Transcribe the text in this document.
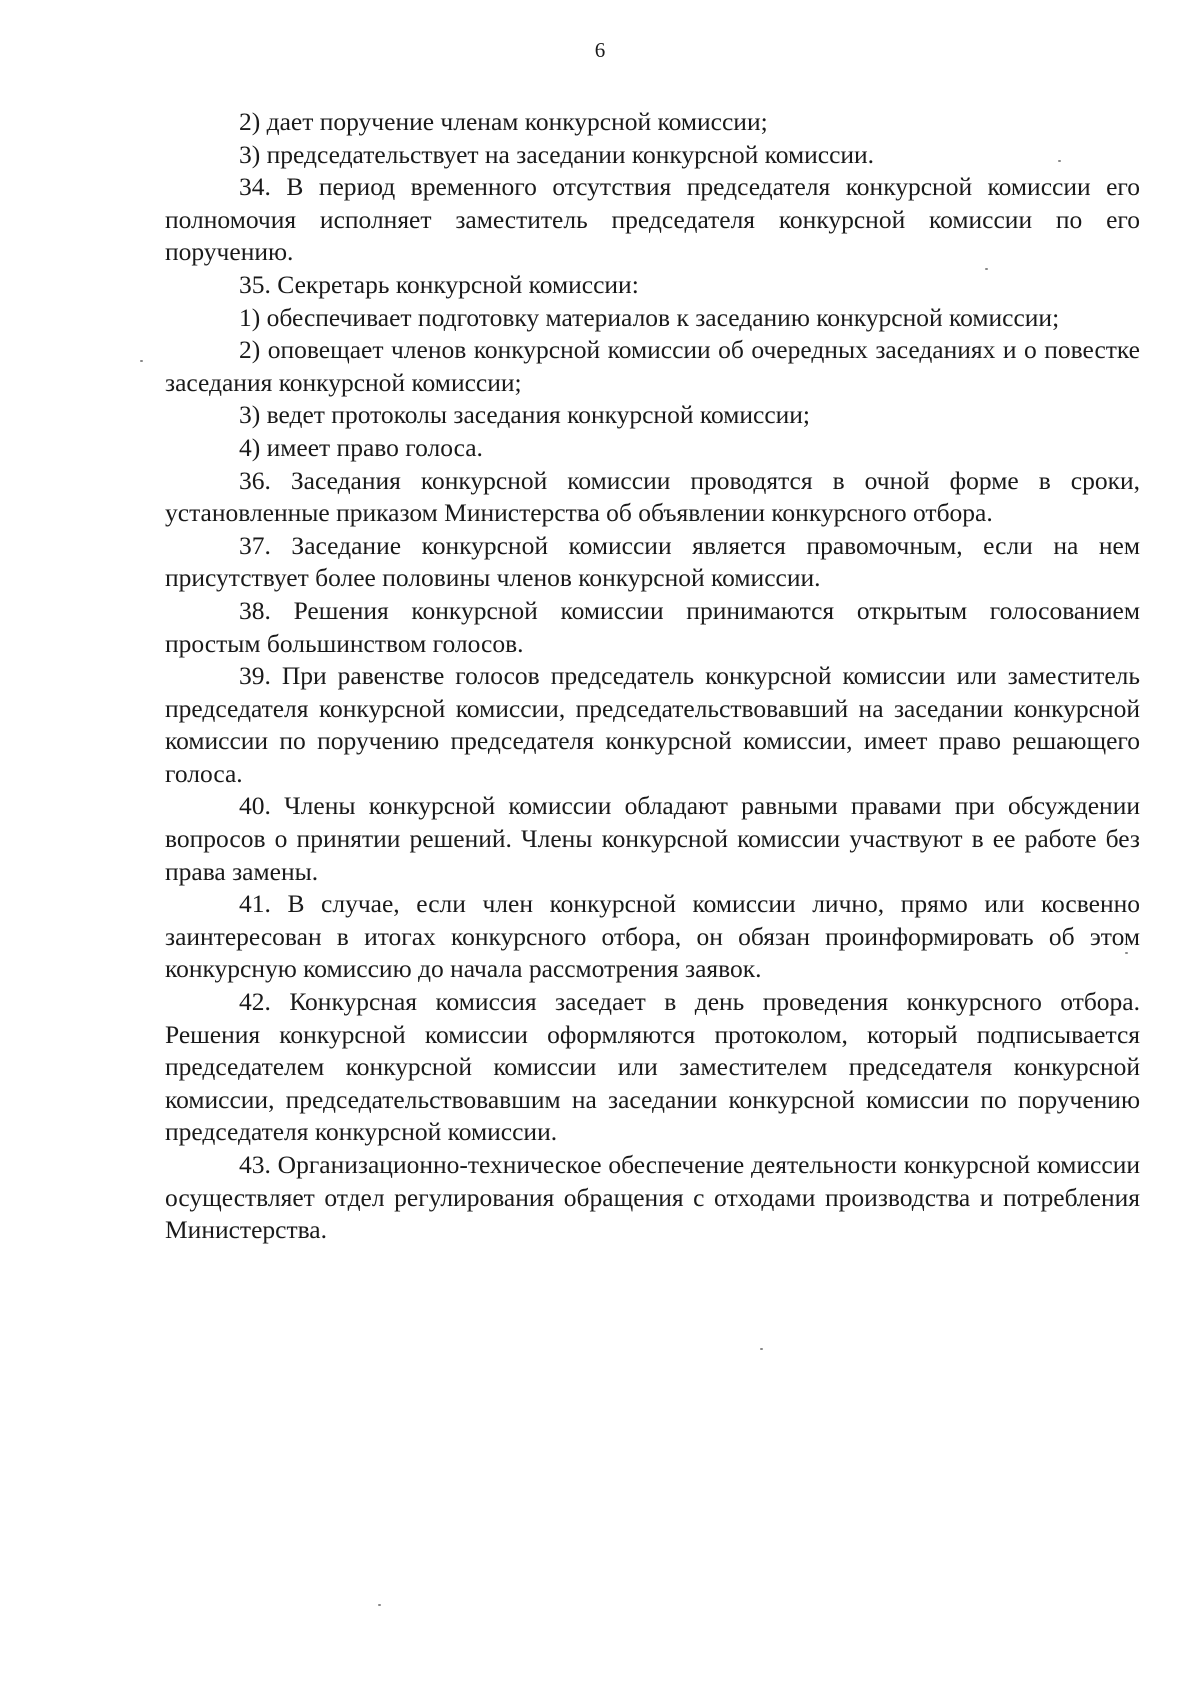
6

2) дает поручение членам конкурсной комиссии;

3) председательствует на заседании конкурсной комиссии.

34. В период временного отсутствия председателя конкурсной комиссии его полномочия исполняет заместитель председателя конкурсной комиссии по его поручению.

35. Секретарь конкурсной комиссии:

1) обеспечивает подготовку материалов к заседанию конкурсной комиссии;

2) оповещает членов конкурсной комиссии об очередных заседаниях и о повестке заседания конкурсной комиссии;

3) ведет протоколы заседания конкурсной комиссии;

4) имеет право голоса.

36. Заседания конкурсной комиссии проводятся в очной форме в сроки, установленные приказом Министерства об объявлении конкурсного отбора.

37. Заседание конкурсной комиссии является правомочным, если на нем присутствует более половины членов конкурсной комиссии.

38. Решения конкурсной комиссии принимаются открытым голосованием простым большинством голосов.

39. При равенстве голосов председатель конкурсной комиссии или заместитель председателя конкурсной комиссии, председательствовавший на заседании конкурсной комиссии по поручению председателя конкурсной комиссии, имеет право решающего голоса.

40. Члены конкурсной комиссии обладают равными правами при обсуждении вопросов о принятии решений. Члены конкурсной комиссии участвуют в ее работе без права замены.

41. В случае, если член конкурсной комиссии лично, прямо или косвенно заинтересован в итогах конкурсного отбора, он обязан проинформировать об этом конкурсную комиссию до начала рассмотрения заявок.

42. Конкурсная комиссия заседает в день проведения конкурсного отбора. Решения конкурсной комиссии оформляются протоколом, который подписывается председателем конкурсной комиссии или заместителем председателя конкурсной комиссии, председательствовавшим на заседании конкурсной комиссии по поручению председателя конкурсной комиссии.

43. Организационно-техническое обеспечение деятельности конкурсной комиссии осуществляет отдел регулирования обращения с отходами производства и потребления Министерства.
